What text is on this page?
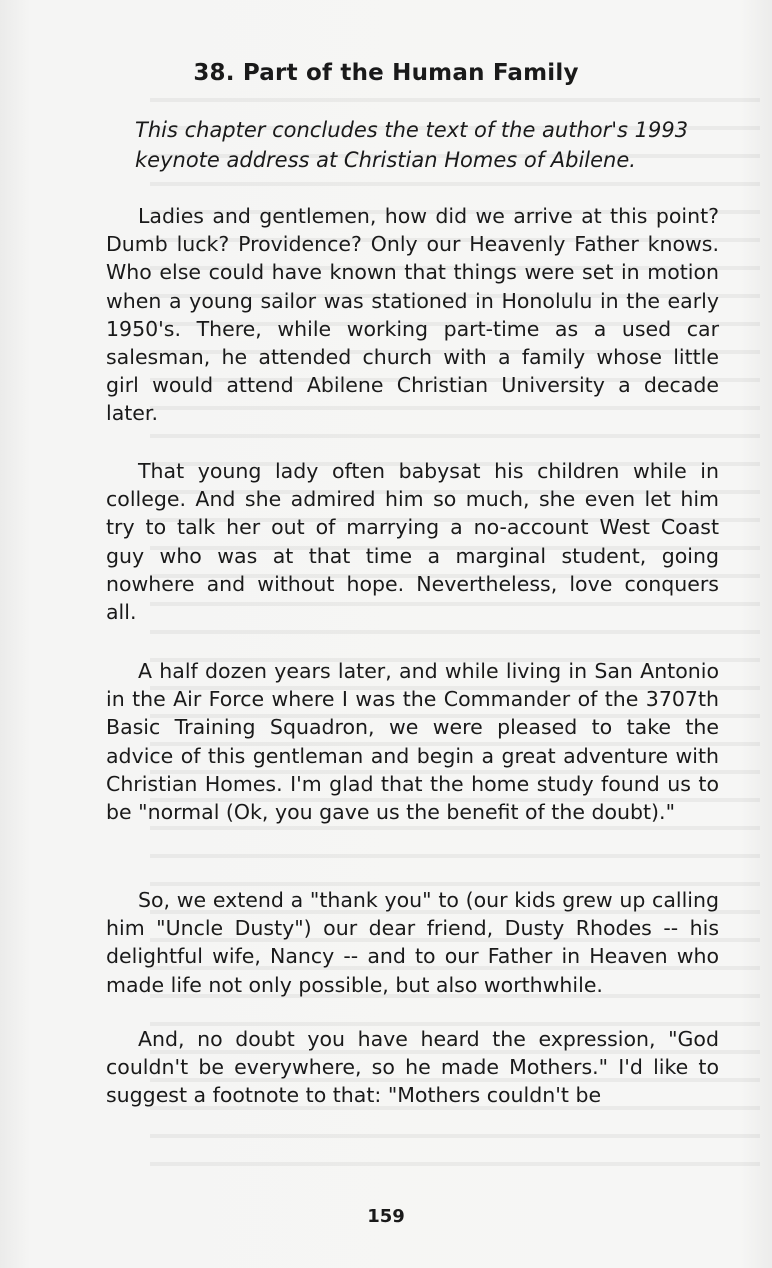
38. Part of the Human Family

This chapter concludes the text of the author's 1993 keynote address at Christian Homes of Abilene.

Ladies and gentlemen, how did we arrive at this point? Dumb luck? Providence? Only our Heavenly Father knows. Who else could have known that things were set in motion when a young sailor was stationed in Honolulu in the early 1950's. There, while working part-time as a used car salesman, he attended church with a family whose little girl would attend Abilene Christian University a decade later.

That young lady often babysat his children while in college. And she admired him so much, she even let him try to talk her out of marrying a no-account West Coast guy who was at that time a marginal student, going nowhere and without hope. Nevertheless, love conquers all.

A half dozen years later, and while living in San Antonio in the Air Force where I was the Commander of the 3707th Basic Training Squadron, we were pleased to take the advice of this gentleman and begin a great adventure with Christian Homes. I'm glad that the home study found us to be "normal (Ok, you gave us the benefit of the doubt)."

So, we extend a "thank you" to (our kids grew up calling him "Uncle Dusty") our dear friend, Dusty Rhodes -- his delightful wife, Nancy -- and to our Father in Heaven who made life not only possible, but also worthwhile.

And, no doubt you have heard the expression, "God couldn't be everywhere, so he made Mothers." I'd like to suggest a footnote to that: "Mothers couldn't be

159
